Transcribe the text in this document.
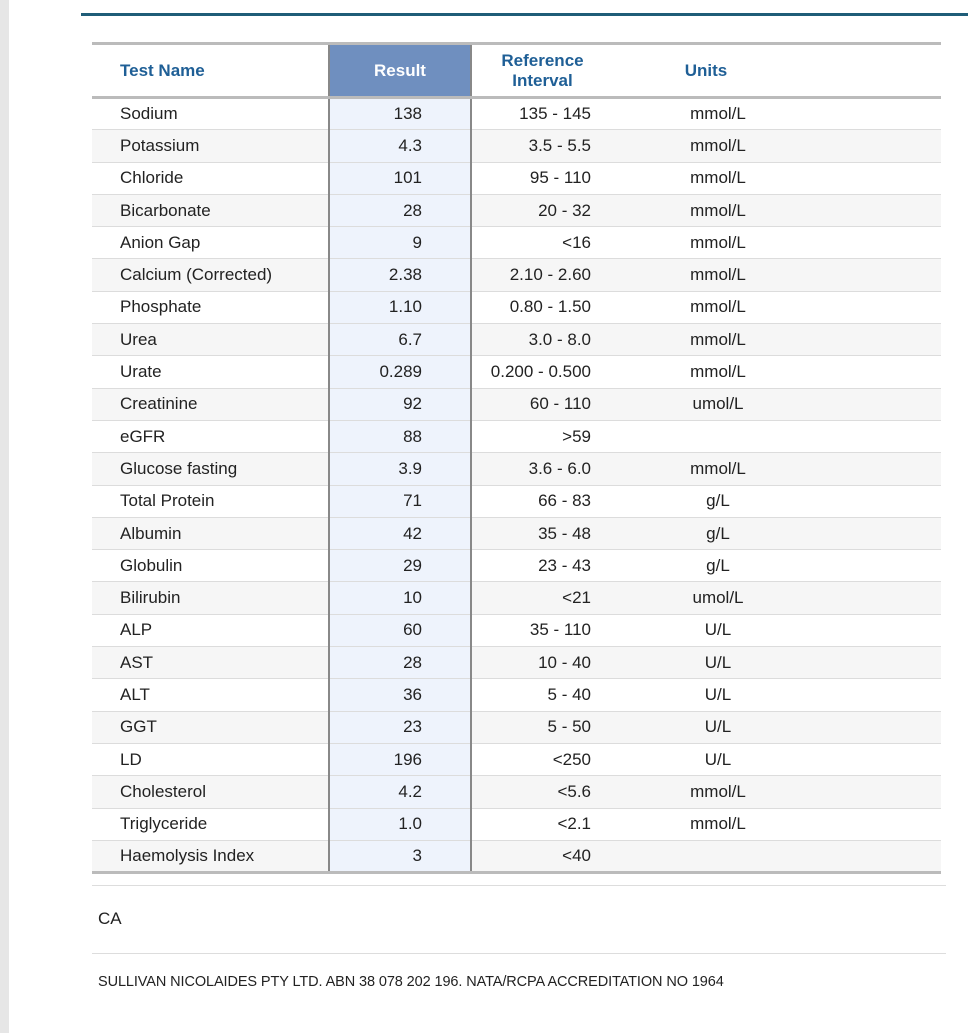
Test Name	Result	Reference Interval	Units	
Sodium	138	135 - 145	mmol/L	
Potassium	4.3	3.5 - 5.5	mmol/L	
Chloride	101	95 - 110	mmol/L	
Bicarbonate	28	20 - 32	mmol/L	
Anion Gap	9	<16	mmol/L	
Calcium (Corrected)	2.38	2.10 - 2.60	mmol/L	
Phosphate	1.10	0.80 - 1.50	mmol/L	
Urea	6.7	3.0 - 8.0	mmol/L	
Urate	0.289	0.200 - 0.500	mmol/L	
Creatinine	92	60 - 110	umol/L	
eGFR	88	>59		
Glucose fasting	3.9	3.6 - 6.0	mmol/L	
Total Protein	71	66 - 83	g/L	
Albumin	42	35 - 48	g/L	
Globulin	29	23 - 43	g/L	
Bilirubin	10	<21	umol/L	
ALP	60	35 - 110	U/L	
AST	28	10 - 40	U/L	
ALT	36	5 - 40	U/L	
GGT	23	5 - 50	U/L	
LD	196	<250	U/L	
Cholesterol	4.2	<5.6	mmol/L	
Triglyceride	1.0	<2.1	mmol/L	
Haemolysis Index	3	<40		
CA
SULLIVAN NICOLAIDES PTY LTD. ABN 38 078 202 196. NATA/RCPA ACCREDITATION NO 1964
